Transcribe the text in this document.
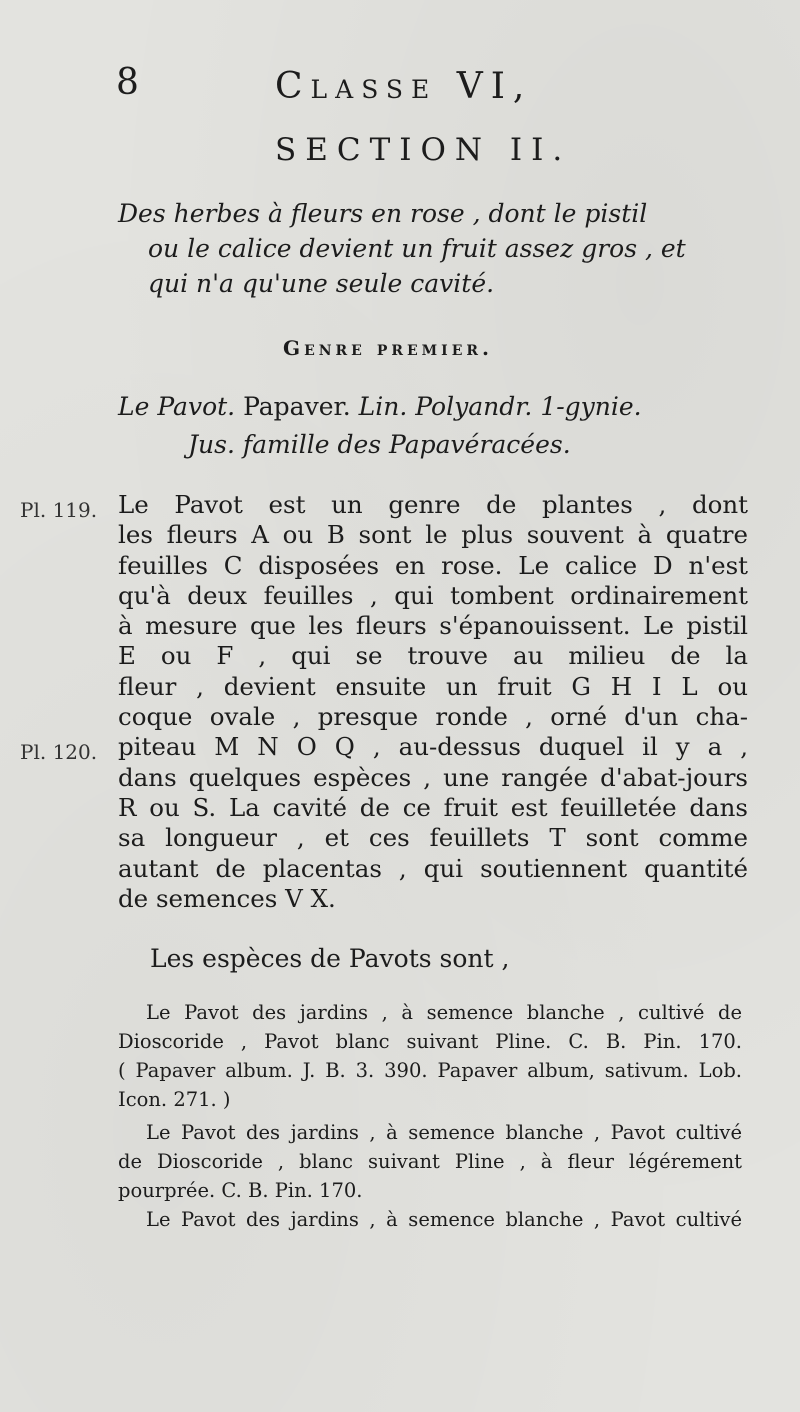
8	Classe VI,
SECTION II.
Des herbes à fleurs en rose , dont le pistil
ou le calice devient un fruit assez gros , et
qui n'a qu'une seule cavité.
Genre premier.
Le Pavot. Papaver. Lin. Polyandr. 1-gynie.
Jus. famille des Papavéracées.
Pl. 119.
Pl. 120.
Le Pavot est un genre de plantes , dont
les fleurs A ou B sont le plus souvent à quatre
feuilles C disposées en rose. Le calice D n'est
qu'à deux feuilles , qui tombent ordinairement
à mesure que les fleurs s'épanouissent. Le pistil
E ou F , qui se trouve au milieu de la
fleur , devient ensuite un fruit G H I L ou
coque ovale , presque ronde , orné d'un cha-
piteau M N O Q , au-dessus duquel il y a ,
dans quelques espèces , une rangée d'abat-jours
R ou S. La cavité de ce fruit est feuilletée dans
sa longueur , et ces feuillets T sont comme
autant de placentas , qui soutiennent quantité
de semences V X.
Les espèces de Pavots sont ,
Le Pavot des jardins , à semence blanche , cultivé de
Dioscoride , Pavot blanc suivant Pline. C. B. Pin. 170.
( Papaver album. J. B. 3. 390. Papaver album, sativum. Lob.
Icon. 271. )
Le Pavot des jardins , à semence blanche , Pavot cultivé
de Dioscoride , blanc suivant Pline , à fleur légérement
pourprée. C. B. Pin. 170.
Le Pavot des jardins , à semence blanche , Pavot cultivé
